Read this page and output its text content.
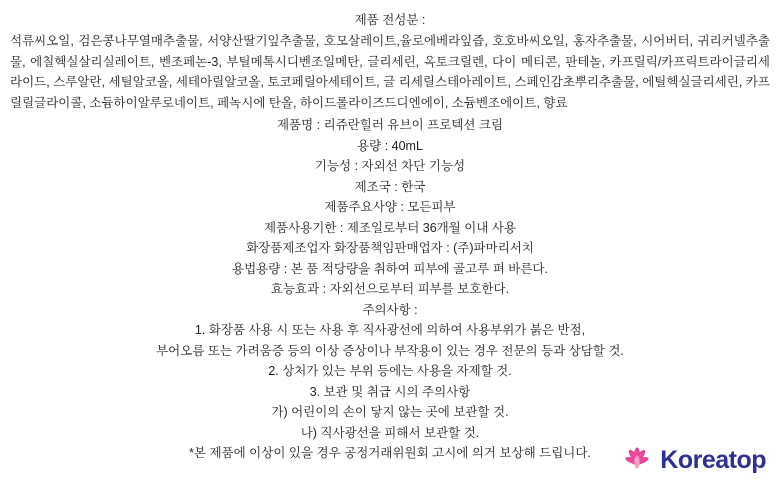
제품 전성분 :

석류씨오일, 검은콩나무열매추출물, 서양산딸기잎추출물, 호모살레이트,율로에베라잎즙, 호호바씨오일, 홍자추출물, 시어버터, 귀리커넬추출물, 에칠헥실살리실레이트, 벤조페논-3, 부틸메톡시디벤조일메탄, 글리세린, 옥토크릴렌, 다이 메티콘, 판테놀, 카프릴릭/카프릭트라이글리세라이드, 스루알란, 세틸알코올, 세테아릴알코올, 토코페릴아세테이트, 글 리세릴스테아레이트, 스페인감초뿌리추출물, 에틸헥실글리세린, 카프릴릴글라이콜, 소듐하이알루로네이트, 페녹시에 탄올, 하이드롤라이즈드디엔에이, 소듐벤조에이트, 향료

제품명 : 리쥬란힐러 유브이 프로텍션 크림

용량 : 40mL

기능성 : 자외선 차단 기능성

제조국 : 한국

제품주요사양 : 모든피부

제품사용기한 : 제조일로부터 36개월 이내 사용

화장품제조업자 화장품책임판매업자 : (주)파마리서치

용법용량 : 본 품 적당량을 취하여 피부에 골고루 펴 바른다.

효능효과 : 자외선으로부터 피부를 보호한다.

주의사항 :

1. 화장품 사용 시 또는 사용 후 직사광선에 의하여 사용부위가 붉은 반점,

부어오름 또는 가려움증 등의 이상 증상이나 부작용이 있는 경우 전문의 등과 상담할 것.

2. 상처가 있는 부위 등에는 사용을 자제할 것.

3. 보관 및 취급 시의 주의사항

가) 어린이의 손이 닿지 않는 곳에 보관할 것.

나) 직사광선을 피해서 보관할 것.

*본 제품에 이상이 있을 경우 공정거래위원회 고시에 의거 보상해 드립니다.	Koreatop
